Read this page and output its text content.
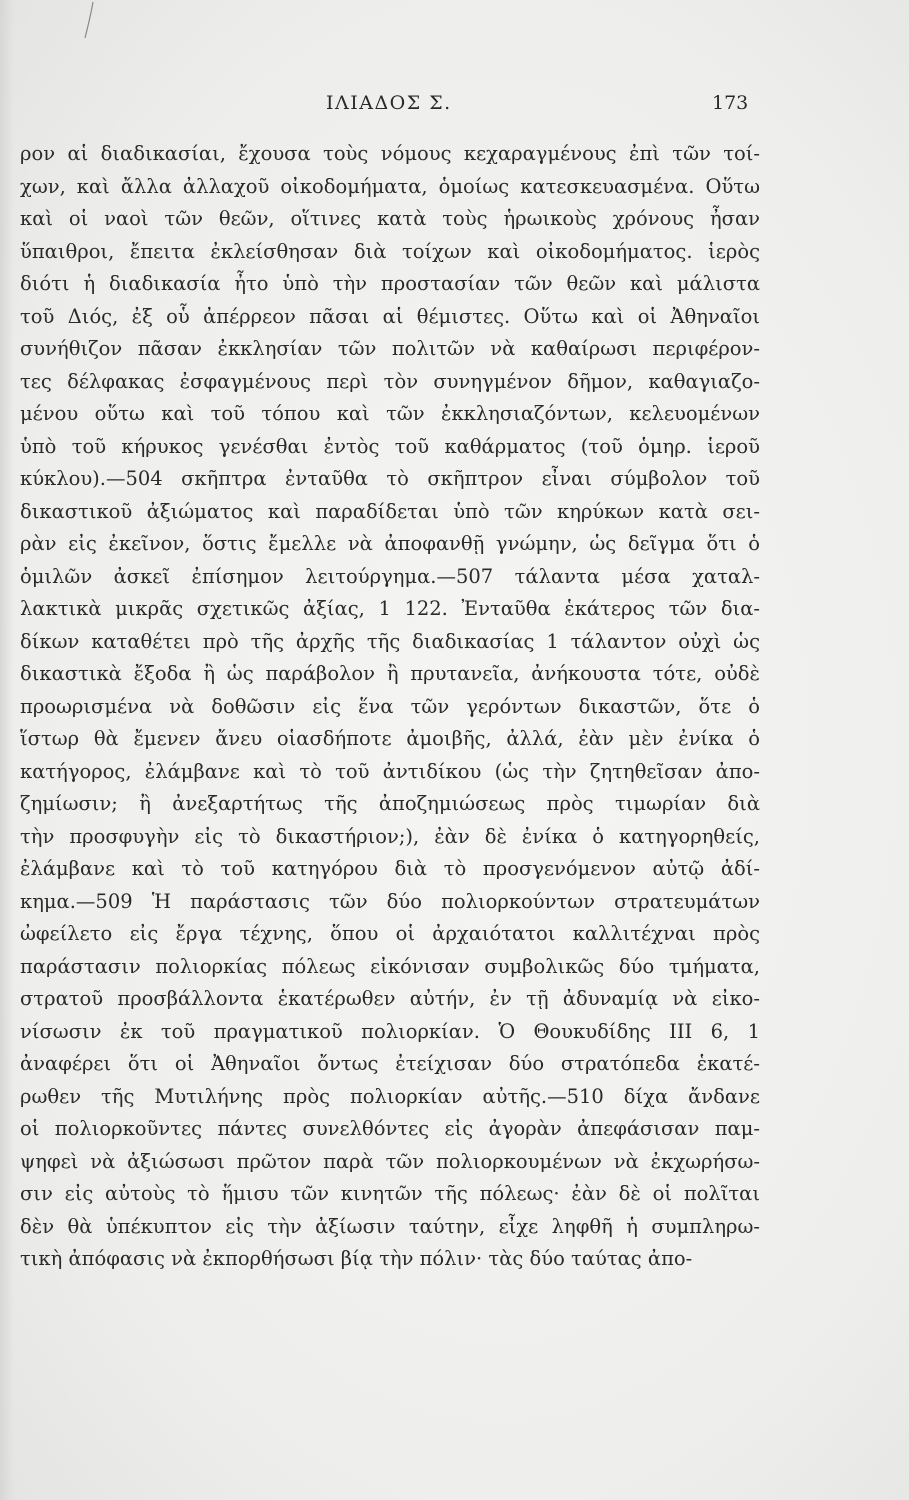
ΙΛΙΑΔΟΣ Σ.	173
ρον αἱ διαδικασίαι, ἔχουσα τοὺς νόμους κεχαραγμένους ἐπὶ τῶν τοί-
χων, καὶ ἄλλα ἀλλαχοῦ οἰκοδομήματα, ὁμοίως κατεσκευασμένα. Οὕτω
καὶ οἱ ναοὶ τῶν θεῶν, οἵτινες κατὰ τοὺς ἡρωικοὺς χρόνους ἦσαν
ὕπαιθροι, ἔπειτα ἐκλείσθησαν διὰ τοίχων καὶ οἰκοδομήματος. ἱερὸς
διότι ἡ διαδικασία ἦτο ὑπὸ τὴν προστασίαν τῶν θεῶν καὶ μάλιστα
τοῦ Διός, ἐξ οὗ ἀπέρρεον πᾶσαι αἱ θέμιστες. Οὕτω καὶ οἱ Ἀθηναῖοι
συνήθιζον πᾶσαν ἐκκλησίαν τῶν πολιτῶν νὰ καθαίρωσι περιφέρον-
τες δέλφακας ἐσφαγμένους περὶ τὸν συνηγμένον δῆμον, καθαγιαζο-
μένου οὕτω καὶ τοῦ τόπου καὶ τῶν ἐκκλησιαζόντων, κελευομένων
ὑπὸ τοῦ κήρυκος γενέσθαι ἐντὸς τοῦ καθάρματος (τοῦ ὁμηρ. ἱεροῦ
κύκλου).—504 σκῆπτρα ἐνταῦθα τὸ σκῆπτρον εἶναι σύμβολον τοῦ
δικαστικοῦ ἀξιώματος καὶ παραδίδεται ὑπὸ τῶν κηρύκων κατὰ σει-
ρὰν εἰς ἐκεῖνον, ὅστις ἔμελλε νὰ ἀποφανθῇ γνώμην, ὡς δεῖγμα ὅτι ὁ
ὁμιλῶν ἀσκεῖ ἐπίσημον λειτούργημα.—507 τάλαντα μέσα χαταλ-
λακτικὰ μικρᾶς σχετικῶς ἀξίας, 1 122. Ἐνταῦθα ἑκάτερος τῶν δια-
δίκων καταθέτει πρὸ τῆς ἀρχῆς τῆς διαδικασίας 1 τάλαντον οὐχὶ ὡς
δικαστικὰ ἔξοδα ἢ ὡς παράβολον ἢ πρυτανεῖα, ἀνήκουστα τότε, οὐδὲ
προωρισμένα νὰ δοθῶσιν εἰς ἕνα τῶν γερόντων δικαστῶν, ὅτε ὁ
ἵστωρ θὰ ἔμενεν ἄνευ οἱασδήποτε ἀμοιβῆς, ἀλλά, ἐὰν μὲν ἐνίκα ὁ
κατήγορος, ἐλάμβανε καὶ τὸ τοῦ ἀντιδίκου (ὡς τὴν ζητηθεῖσαν ἀπο-
ζημίωσιν; ἢ ἀνεξαρτήτως τῆς ἀποζημιώσεως πρὸς τιμωρίαν διὰ
τὴν προσφυγὴν εἰς τὸ δικαστήριον;), ἐὰν δὲ ἐνίκα ὁ κατηγορηθείς,
ἐλάμβανε καὶ τὸ τοῦ κατηγόρου διὰ τὸ προσγενόμενον αὐτῷ ἀδί-
κημα.—509 Ἡ παράστασις τῶν δύο πολιορκούντων στρατευμάτων
ὠφείλετο εἰς ἔργα τέχνης, ὅπου οἱ ἀρχαιότατοι καλλιτέχναι πρὸς
παράστασιν πολιορκίας πόλεως εἰκόνισαν συμβολικῶς δύο τμήματα,
στρατοῦ προσβάλλοντα ἑκατέρωθεν αὐτήν, ἐν τῇ ἀδυναμίᾳ νὰ εἰκο-
νίσωσιν ἐκ τοῦ πραγματικοῦ πολιορκίαν. Ὁ Θουκυδίδης ΙΙΙ 6, 1
ἀναφέρει ὅτι οἱ Ἀθηναῖοι ὄντως ἐτείχισαν δύο στρατόπεδα ἑκατέ-
ρωθεν τῆς Μυτιλήνης πρὸς πολιορκίαν αὐτῆς.—510 δίχα ἄνδανε
οἱ πολιορκοῦντες πάντες συνελθόντες εἰς ἀγορὰν ἀπεφάσισαν παμ-
ψηφεὶ νὰ ἀξιώσωσι πρῶτον παρὰ τῶν πολιορκουμένων νὰ ἐκχωρήσω-
σιν εἰς αὐτοὺς τὸ ἥμισυ τῶν κινητῶν τῆς πόλεως· ἐὰν δὲ οἱ πολῖται
δὲν θὰ ὑπέκυπτον εἰς τὴν ἀξίωσιν ταύτην, εἶχε ληφθῆ ἡ συμπληρω-
τικὴ ἀπόφασις νὰ ἐκπορθήσωσι βίᾳ τὴν πόλιν· τὰς δύο ταύτας ἀπο-
